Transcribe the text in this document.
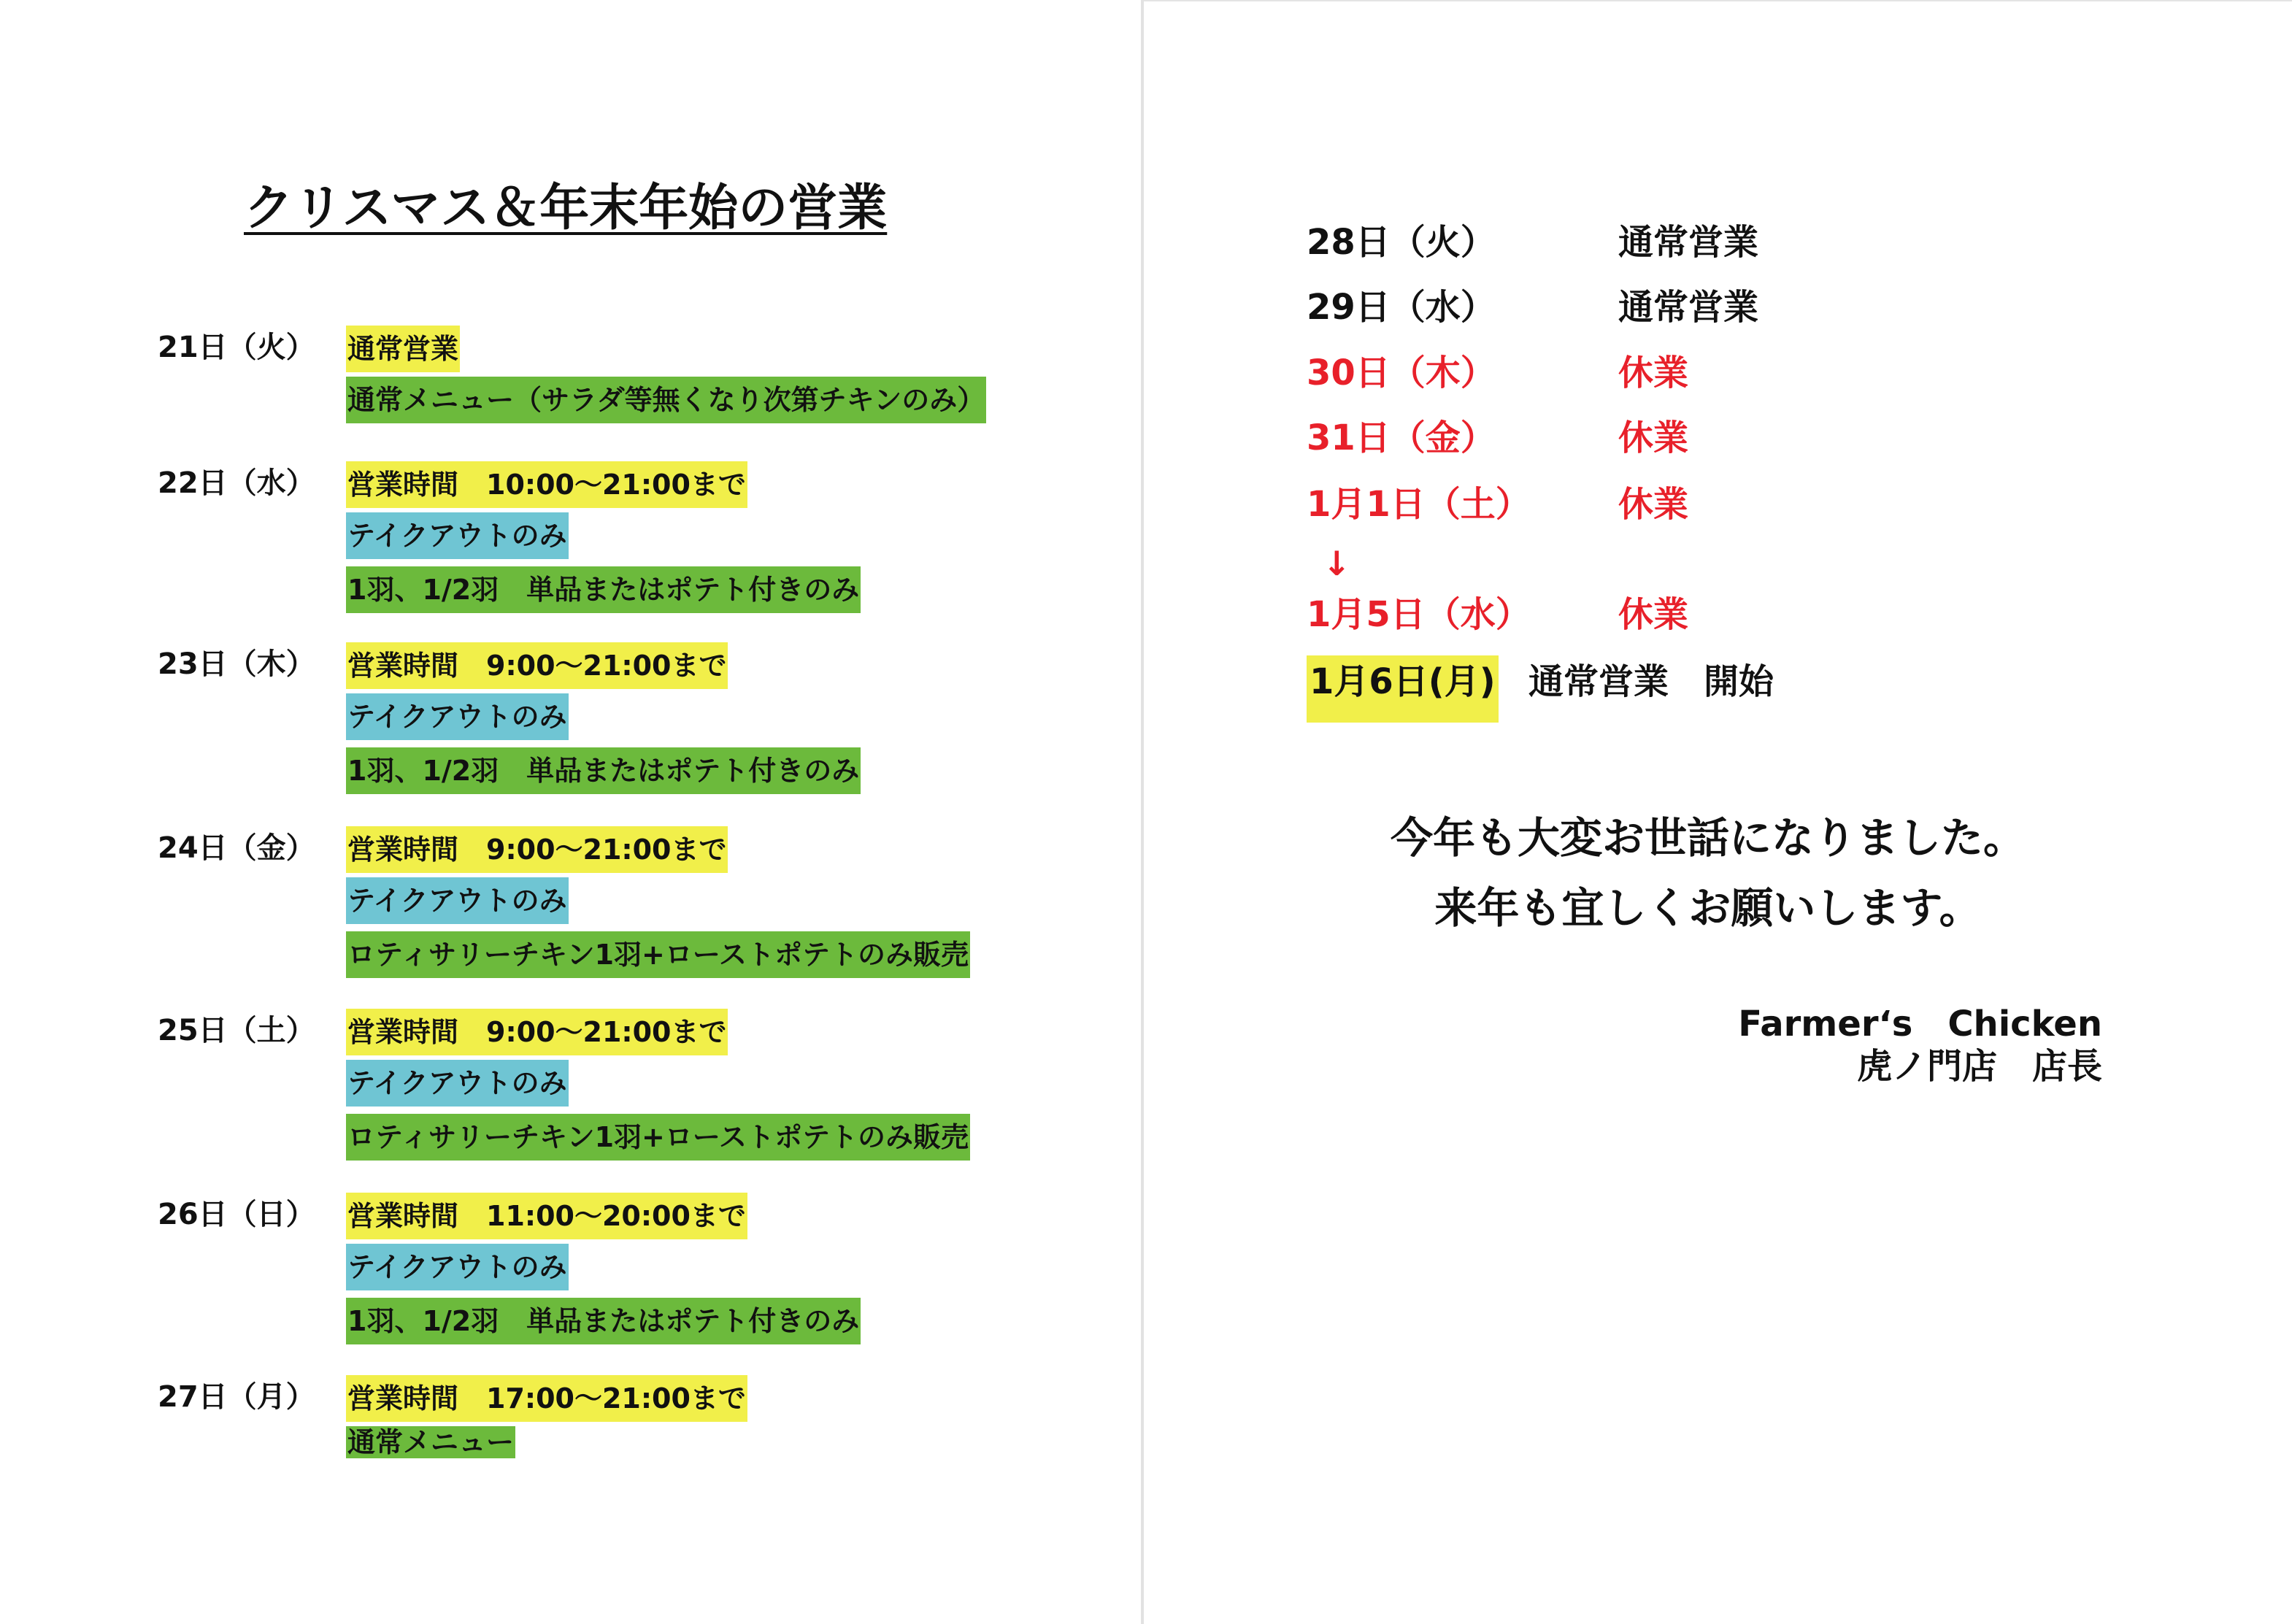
クリスマス＆年末年始の営業
21日（火） 通常営業
通常メニュー（サラダ等無くなり次第チキンのみ）
22日（水） 営業時間　10:00〜21:00まで
テイクアウトのみ
1羽、1/2羽　単品またはポテト付きのみ
23日（木） 営業時間　9:00〜21:00まで
テイクアウトのみ
1羽、1/2羽　単品またはポテト付きのみ
24日（金） 営業時間　9:00〜21:00まで
テイクアウトのみ
ロティサリーチキン1羽+ローストポテトのみ販売
25日（土） 営業時間　9:00〜21:00まで
テイクアウトのみ
ロティサリーチキン1羽+ローストポテトのみ販売
26日（日） 営業時間　11:00〜20:00まで
テイクアウトのみ
1羽、1/2羽　単品またはポテト付きのみ
27日（月） 営業時間　17:00〜21:00まで
通常メニュー
28日（火）	通常営業
29日（水）	通常営業
30日（木）	休業
31日（金）	休業
1月1日（土）	休業
↓
1月5日（水）	休業
1月6日(月) 通常営業　開始
今年も大変お世話になりました。
来年も宜しくお願いします。
Farmer‘s　Chicken
虎ノ門店　店長
